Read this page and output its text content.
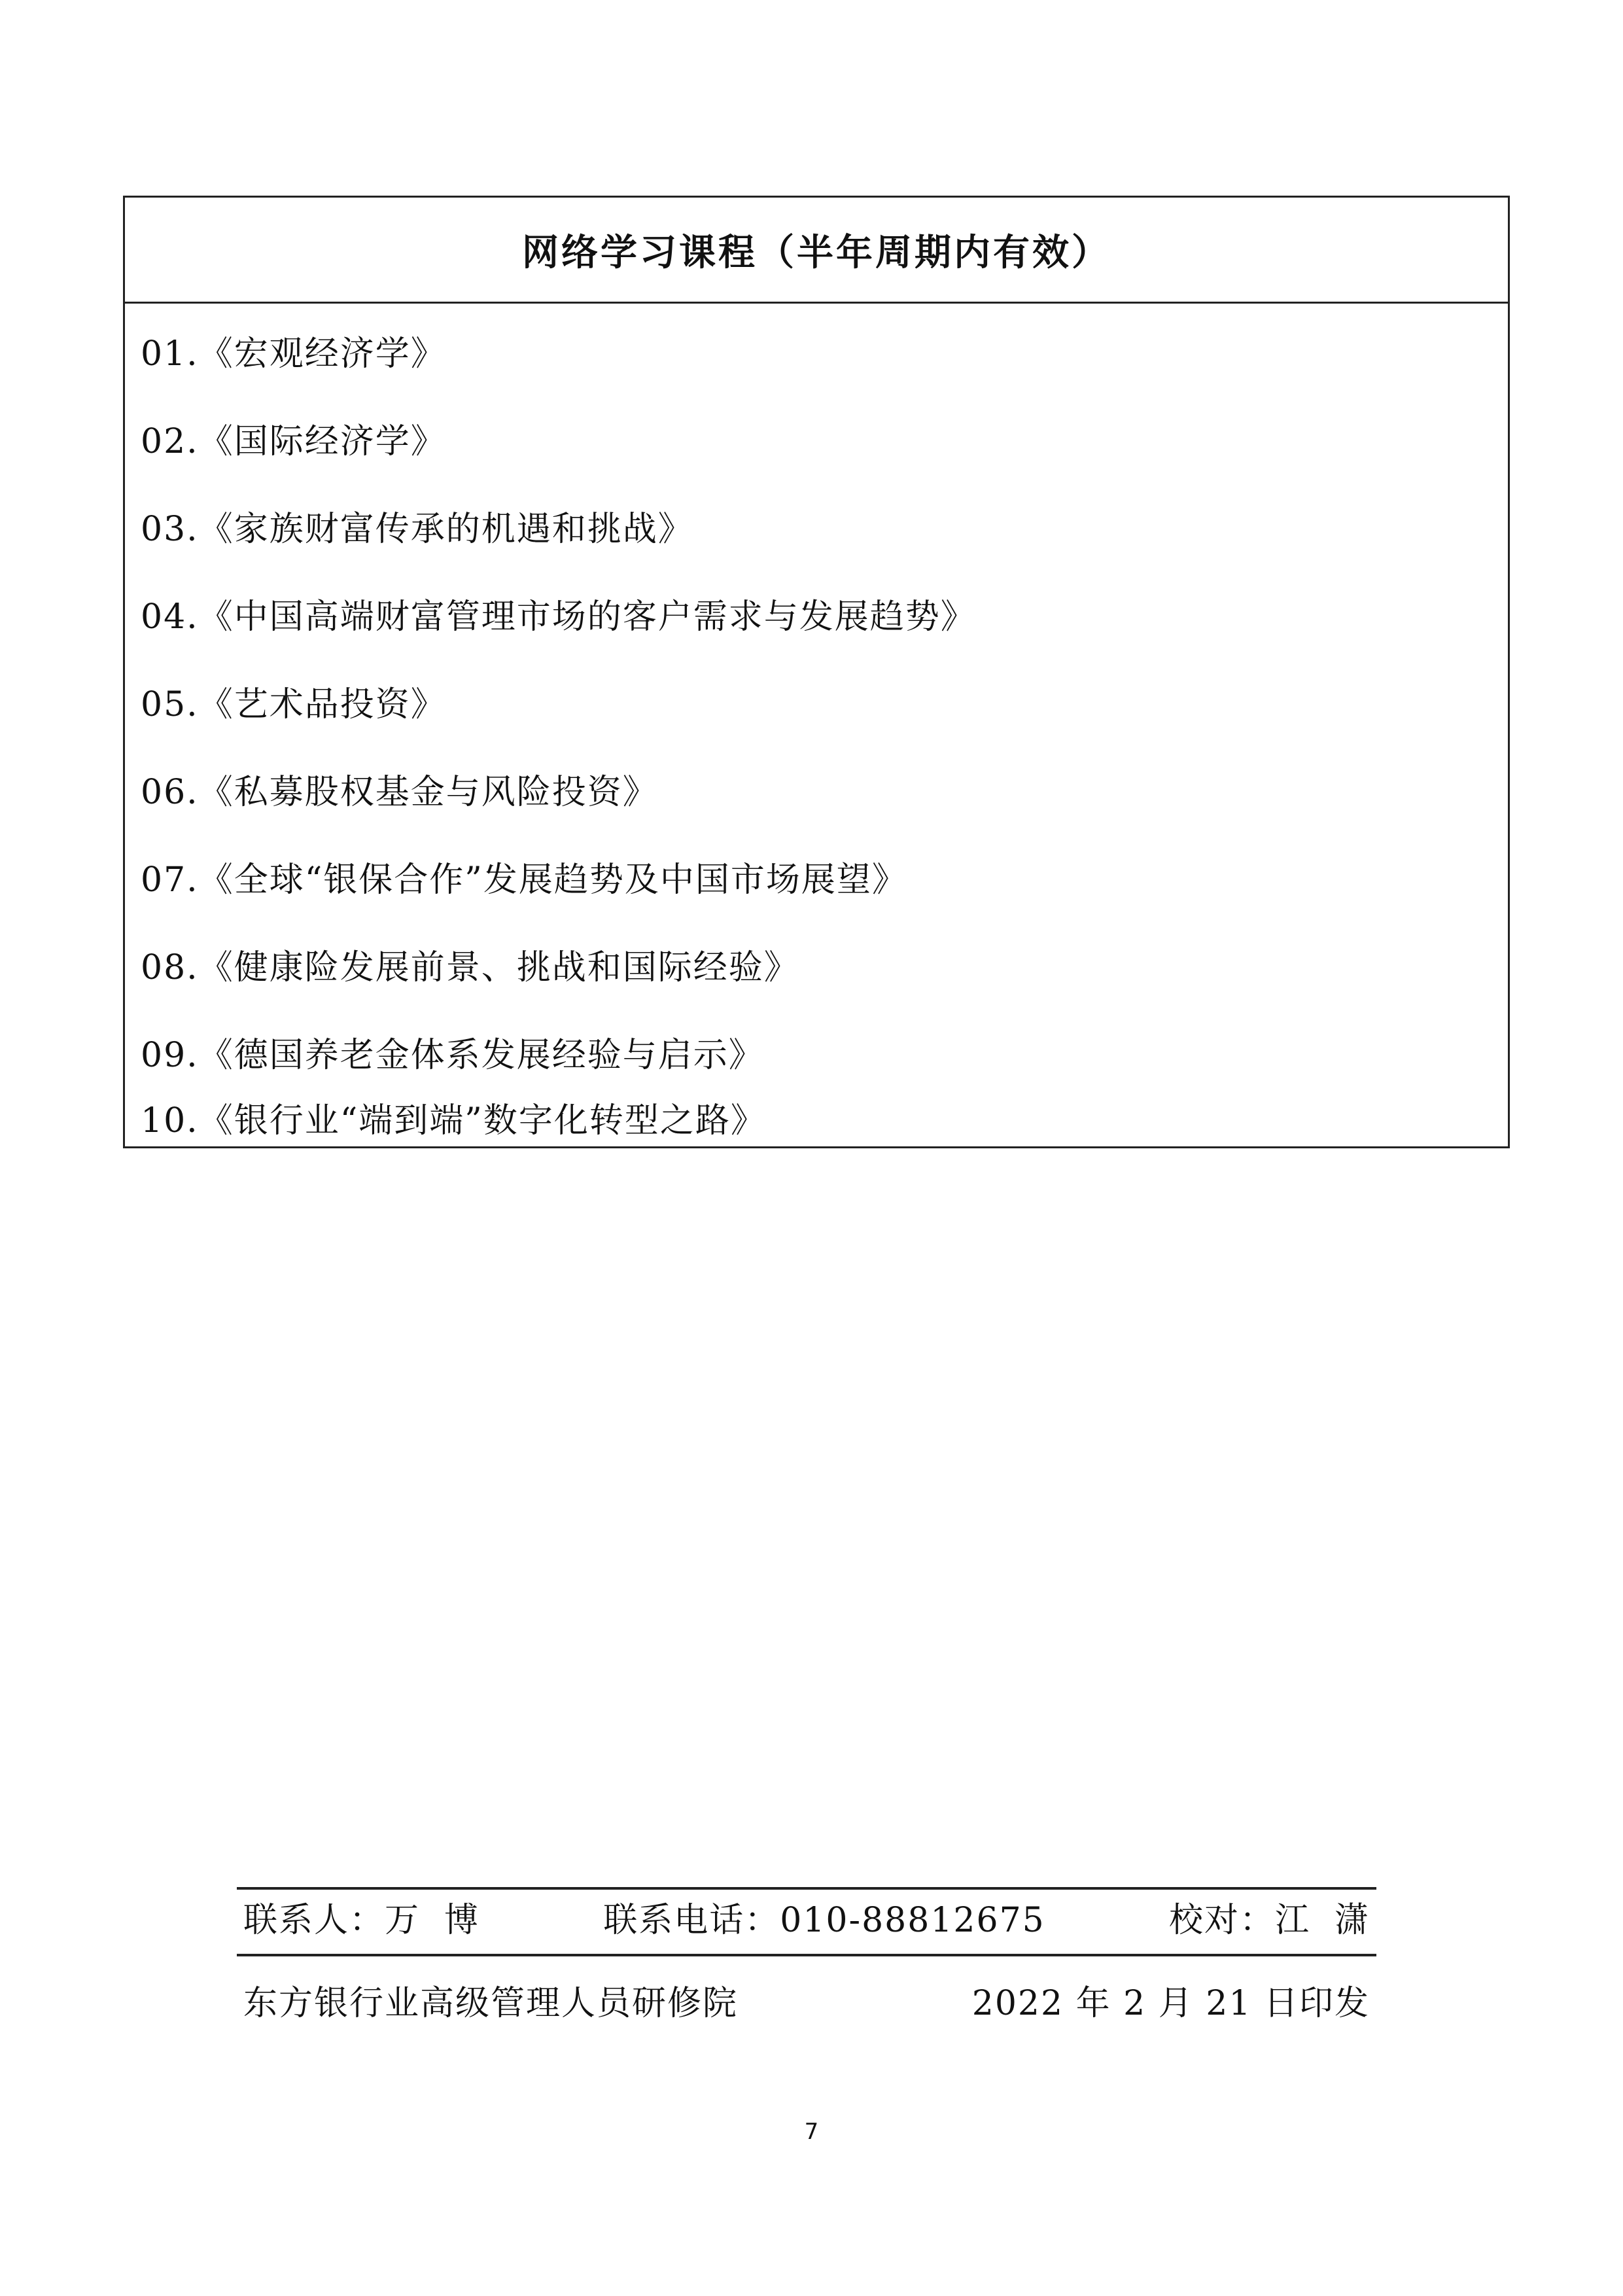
网络学习课程（半年周期内有效）
01.《宏观经济学》
02.《国际经济学》
03.《家族财富传承的机遇和挑战》
04.《中国高端财富管理市场的客户需求与发展趋势》
05.《艺术品投资》
06.《私募股权基金与风险投资》
07.《全球“银保合作”发展趋势及中国市场展望》
08.《健康险发展前景、挑战和国际经验》
09.《德国养老金体系发展经验与启示》
10.《银行业“端到端”数字化转型之路》
联系人：万  博	联系电话：010-88812675	校对：江  潇
东方银行业高级管理人员研修院	2022 年 2 月 21 日印发
7
